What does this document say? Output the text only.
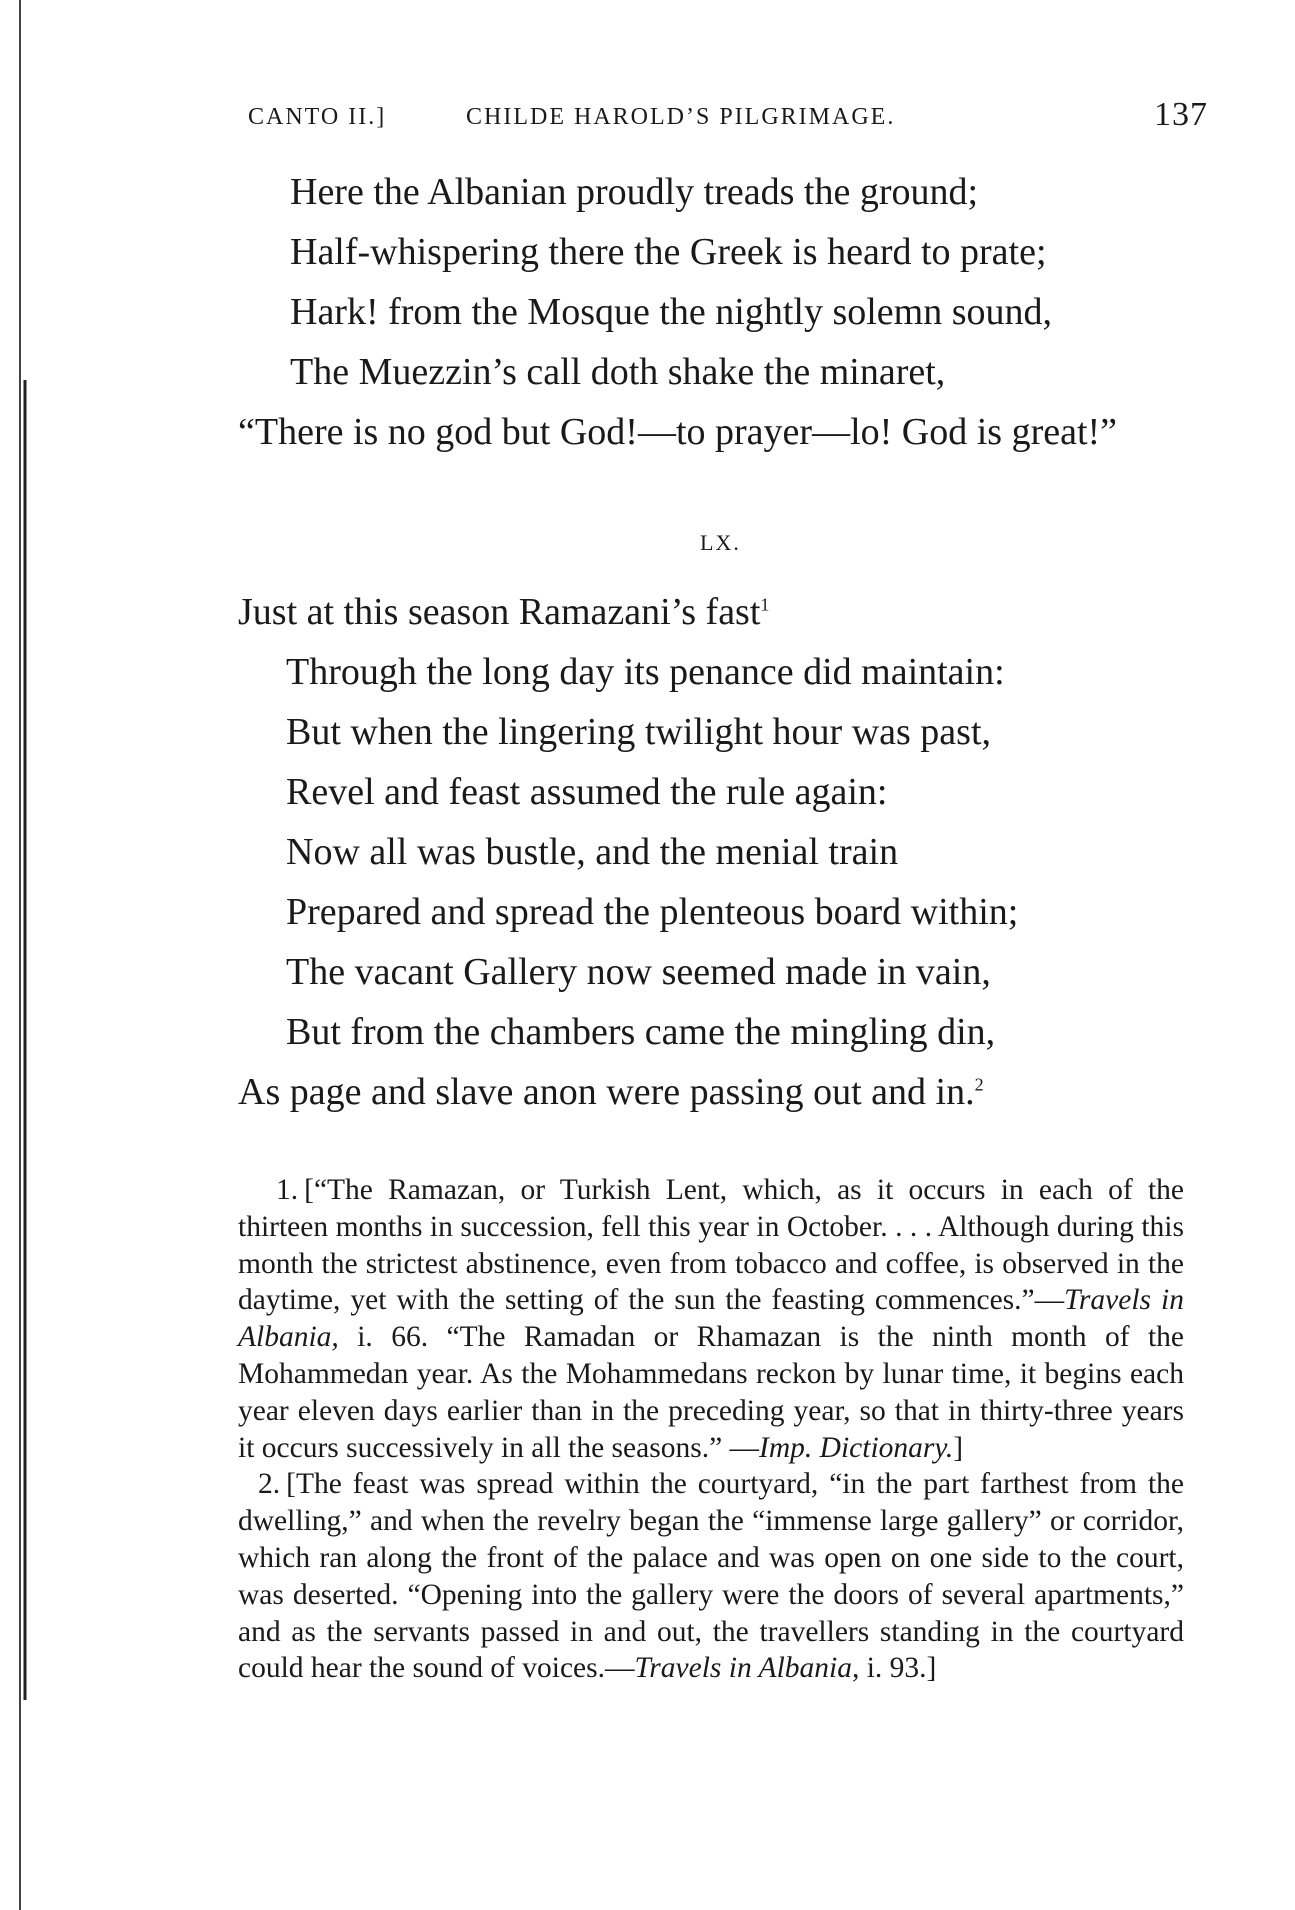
CANTO II.]	CHILDE HAROLD’S PILGRIMAGE.	137
Here the Albanian proudly treads the ground;
Half-whispering there the Greek is heard to prate;
Hark! from the Mosque the nightly solemn sound,
The Muezzin’s call doth shake the minaret,
“There is no god but God!—to prayer—lo! God is great!”
LX.
Just at this season Ramazani’s fast$^1$
Through the long day its penance did maintain:
But when the lingering twilight hour was past,
Revel and feast assumed the rule again:
Now all was bustle, and the menial train
Prepared and spread the plenteous board within;
The vacant Gallery now seemed made in vain,
But from the chambers came the mingling din,
As page and slave anon were passing out and in.$^2$

1. [“The Ramazan, or Turkish Lent, which, as it occurs in each of the thirteen months in succession, fell this year in October. . . . Although during this month the strictest abstinence, even from tobacco and coffee, is observed in the daytime, yet with the setting of the sun the feasting commences.”—Travels in Albania, i. 66. “The Ramadan or Rhamazan is the ninth month of the Mohammedan year. As the Mohammedans reckon by lunar time, it begins each year eleven days earlier than in the preceding year, so that in thirty-three years it occurs successively in all the seasons.” —Imp. Dictionary.]

2. [The feast was spread within the courtyard, “in the part farthest from the dwelling,” and when the revelry began the “immense large gallery” or corridor, which ran along the front of the palace and was open on one side to the court, was deserted. “Opening into the gallery were the doors of several apartments,” and as the servants passed in and out, the travellers standing in the courtyard could hear the sound of voices.—Travels in Albania, i. 93.]
